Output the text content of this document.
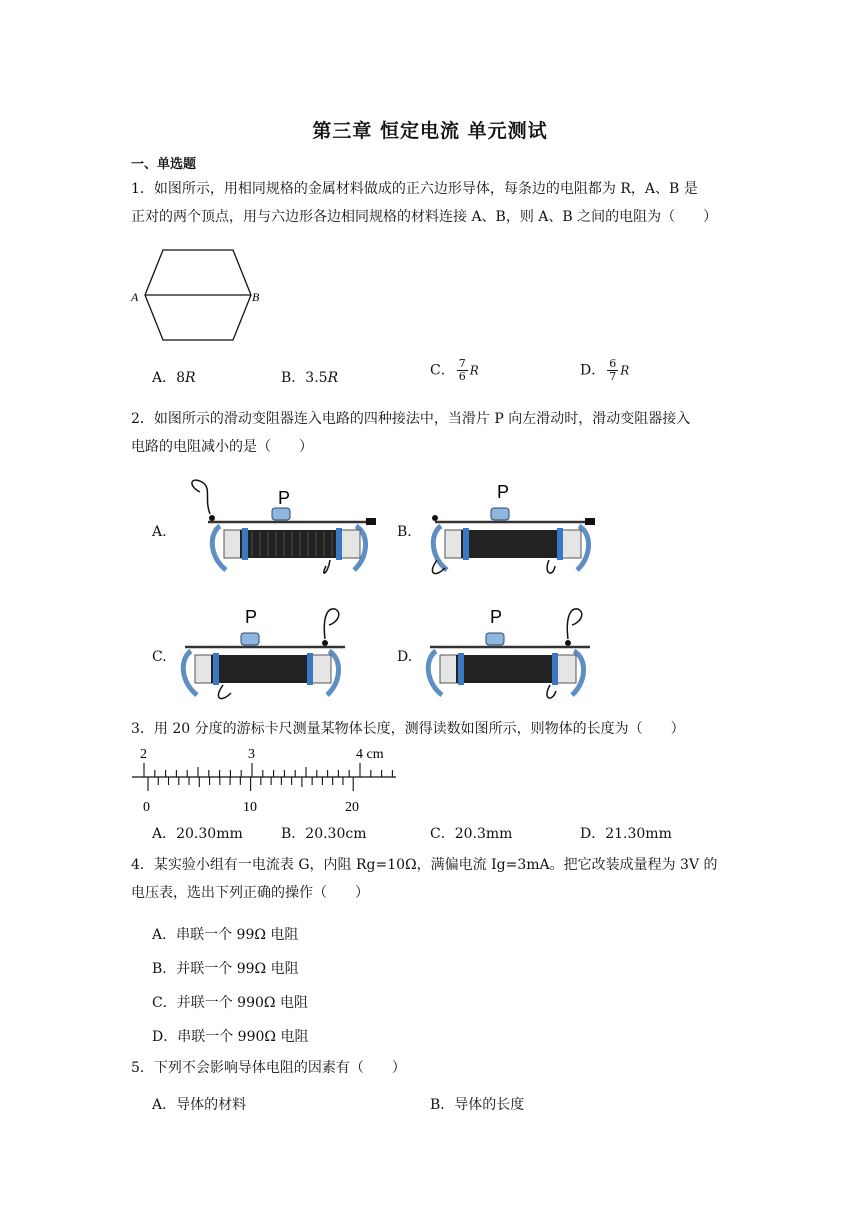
第三章 恒定电流 单元测试
一、单选题
1．如图所示，用相同规格的金属材料做成的正六边形导体，每条边的电阻都为 R，A、B 是
正对的两个顶点，用与六边形各边相同规格的材料连接 A、B，则 A、B 之间的电阻为（　　）
A	B
A．8R	B．3.5R	C． $\frac{7}{6}$ R	D． $\frac{6}{7}$ R
2．如图所示的滑动变阻器连入电路的四种接法中，当滑片 P 向左滑动时，滑动变阻器接入
电路的电阻减小的是（　　）
A.	B.
C.	D.
P	P
P	P
3．用 20 分度的游标卡尺测量某物体长度，测得读数如图所示，则物体的长度为（　　）
2	3	4 cm
0	10	20
A．20.30mm	B．20.30cm	C．20.3mm	D．21.30mm
4．某实验小组有一电流表 G，内阻 Rg=10Ω，满偏电流 Ig=3mA。把它改装成量程为 3V 的
电压表，选出下列正确的操作（　　）
A．串联一个 99Ω 电阻
B．并联一个 99Ω 电阻
C．并联一个 990Ω 电阻
D．串联一个 990Ω 电阻
5．下列不会影响导体电阻的因素有（　　）
A．导体的材料	B．导体的长度
